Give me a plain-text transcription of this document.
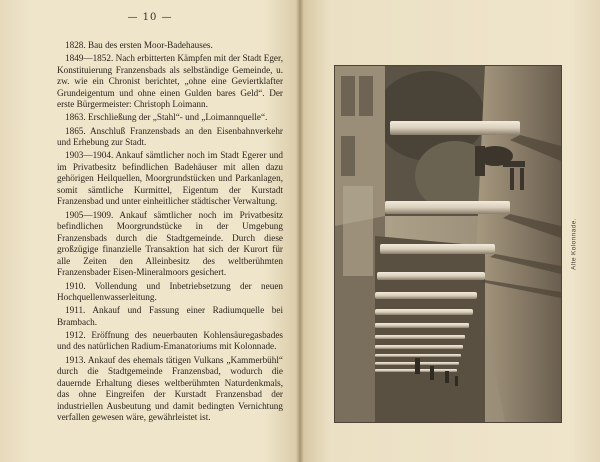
— 10 —

1828. Bau des ersten Moor-Badehauses.

1849—1852. Nach erbitterten Kämpfen mit der Stadt Eger, Konstituierung Franzensbads als selbständige Gemeinde, u. zw. wie ein Chronist berichtet, „ohne eine Geviertklafter Grundeigentum und ohne einen Gulden bares Geld“. Der erste Bürgermeister: Christoph Loimann.

1863. Erschließung der „Stahl“- und „Loimannquelle“.

1865. Anschluß Franzensbads an den Eisenbahnverkehr und Erhebung zur Stadt.

1903—1904. Ankauf sämtlicher noch im Stadt Egerer und im Privatbesitz befindlichen Badehäuser mit allen dazu gehörigen Heilquellen, Moorgrundstücken und Parkanlagen, somit sämtliche Kurmittel, Eigentum der Kurstadt Franzensbad und unter einheitlicher städtischer Verwaltung.

1905—1909. Ankauf sämtlicher noch im Privatbesitz befindlichen Moorgrundstücke in der Umgebung Franzensbads durch die Stadtgemeinde. Durch diese großzügige finanzielle Transaktion hat sich der Kurort für alle Zeiten den Alleinbesitz des weltberühmten Franzensbader Eisen-Mineralmoors gesichert.

1910. Vollendung und Inbetriebsetzung der neuen Hochquellenwasserleitung.

1911. Ankauf und Fassung einer Radiumquelle bei Brambach.

1912. Eröffnung des neuerbauten Kohlensäuregasbades und des natürlichen Radium-Emanatoriums mit Kolonnade.

1913. Ankauf des ehemals tätigen Vulkans „Kammerbühl“ durch die Stadtgemeinde Franzensbad, wodurch die dauernde Erhaltung dieses weltberühmten Naturdenkmals, das ohne Eingreifen der Kurstadt Franzensbad der industriellen Ausbeutung und damit bedingten Vernichtung verfallen gewesen wäre, gewährleistet ist.

Alte Kolonnade.
